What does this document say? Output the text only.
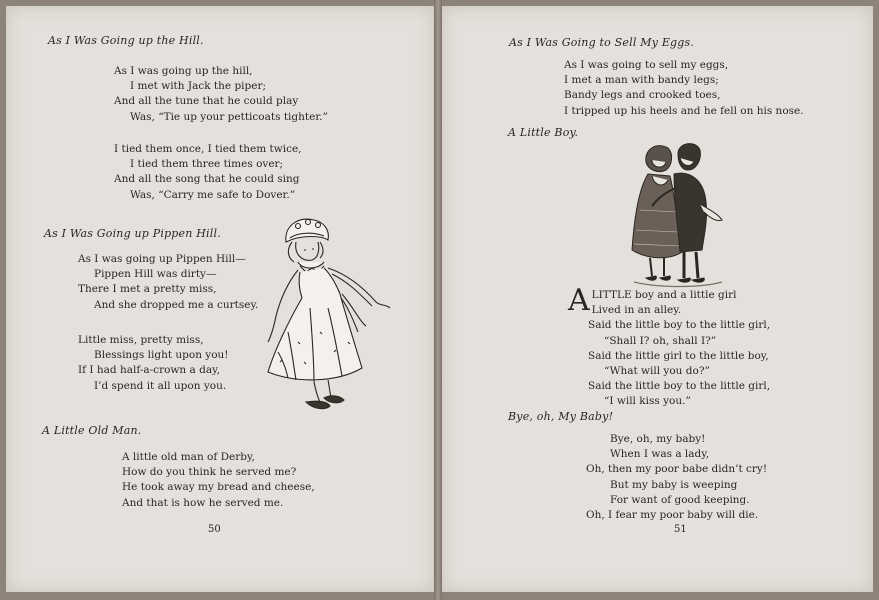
As I Was Going up the Hill.
As I was going up the hill,
I met with Jack the piper;
And all the tune that he could play
Was, “Tie up your petticoats tighter.”
I tied them once, I tied them twice,
I tied them three times over;
And all the song that he could sing
Was, “Carry me safe to Dover.”
As I Was Going up Pippen Hill.
As I was going up Pippen Hill—
Pippen Hill was dirty—
There I met a pretty miss,
And she dropped me a curtsey.
Little miss, pretty miss,
Blessings light upon you!
If I had half-a-crown a day,
I’d spend it all upon you.
A Little Old Man.
A little old man of Derby,
How do you think he served me?
He took away my bread and cheese,
And that is how he served me.
50
As I Was Going to Sell My Eggs.
As I was going to sell my eggs,
I met a man with bandy legs;
Bandy legs and crooked toes,
I tripped up his heels and he fell on his nose.
A Little Boy.
ALITTLE boy and a little girl
Lived in an alley.
Said the little boy to the little girl,
“Shall I? oh, shall I?”
Said the little girl to the little boy,
“What will you do?”
Said the little boy to the little girl,
“I will kiss you.”
Bye, oh, My Baby!
Bye, oh, my baby!
When I was a lady,
Oh, then my poor babe didn’t cry!
But my baby is weeping
For want of good keeping.
Oh, I fear my poor baby will die.
51
